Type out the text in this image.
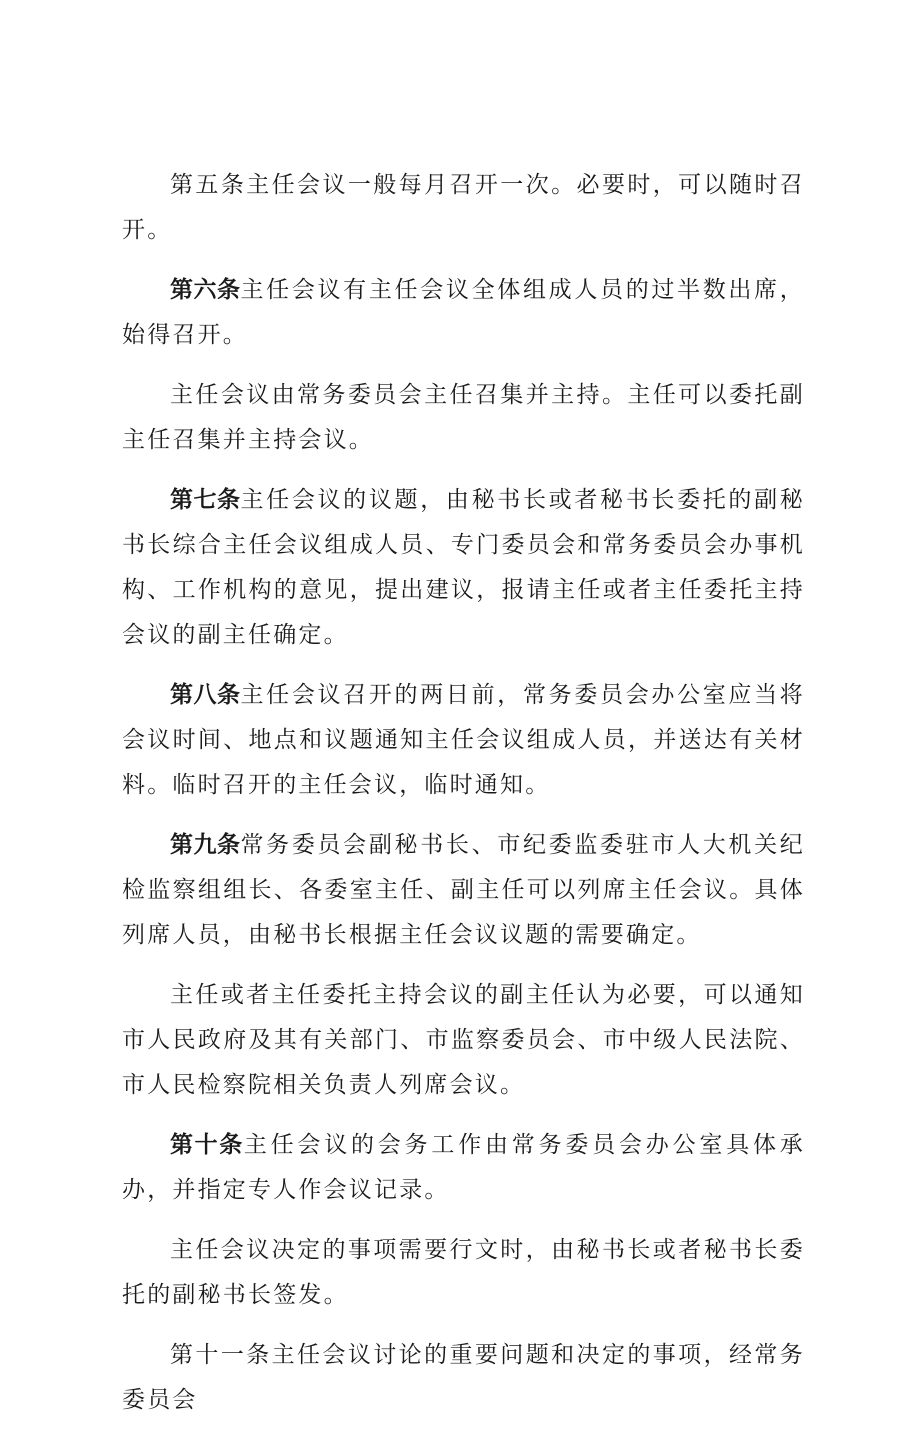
第五条主任会议一般每月召开一次。必要时，可以随时召开。

第六条主任会议有主任会议全体组成人员的过半数出席，始得召开。

主任会议由常务委员会主任召集并主持。主任可以委托副主任召集并主持会议。

第七条主任会议的议题，由秘书长或者秘书长委托的副秘书长综合主任会议组成人员、专门委员会和常务委员会办事机构、工作机构的意见，提出建议，报请主任或者主任委托主持会议的副主任确定。

第八条主任会议召开的两日前，常务委员会办公室应当将会议时间、地点和议题通知主任会议组成人员，并送达有关材料。临时召开的主任会议，临时通知。

第九条常务委员会副秘书长、市纪委监委驻市人大机关纪检监察组组长、各委室主任、副主任可以列席主任会议。具体列席人员，由秘书长根据主任会议议题的需要确定。

主任或者主任委托主持会议的副主任认为必要，可以通知市人民政府及其有关部门、市监察委员会、市中级人民法院、市人民检察院相关负责人列席会议。

第十条主任会议的会务工作由常务委员会办公室具体承办，并指定专人作会议记录。

主任会议决定的事项需要行文时，由秘书长或者秘书长委托的副秘书长签发。

第十一条主任会议讨论的重要问题和决定的事项，经常务委员会
